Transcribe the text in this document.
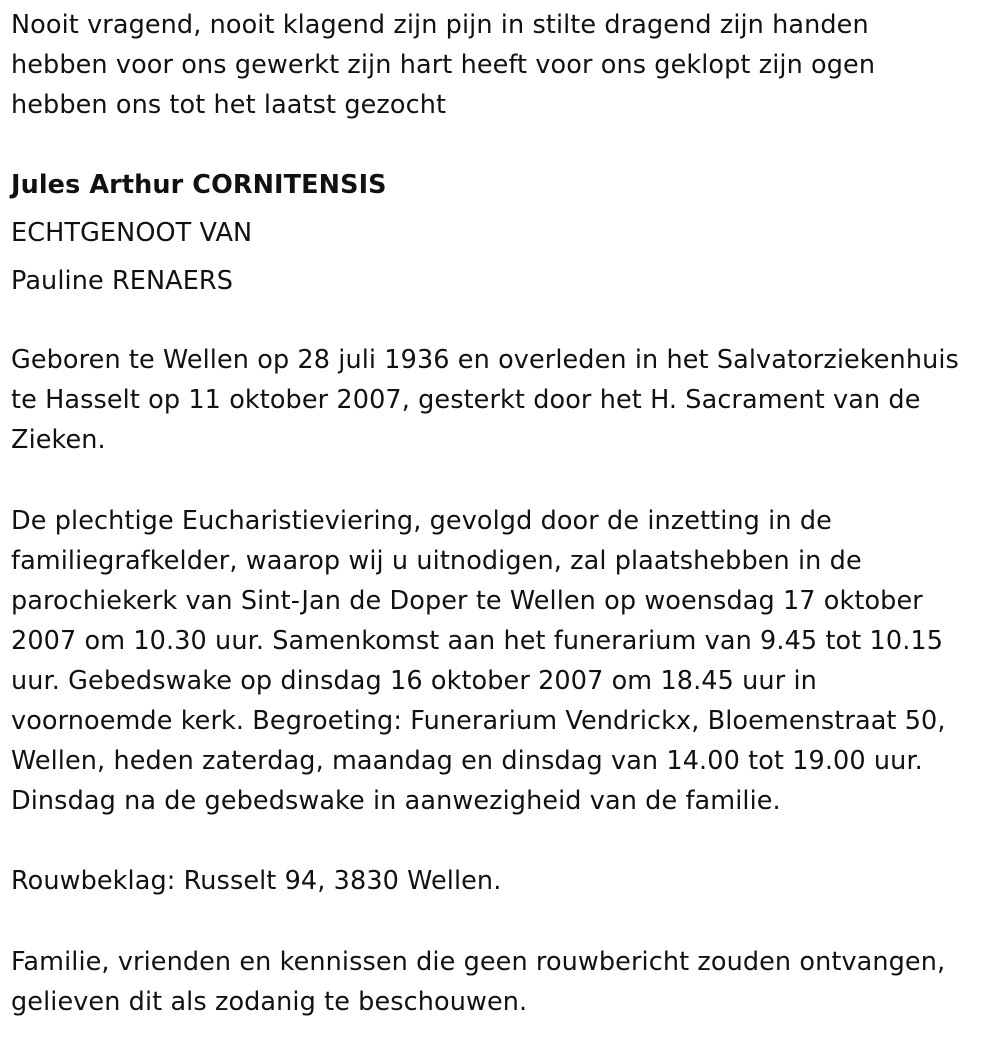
Nooit vragend, nooit klagend zijn pijn in stilte dragend zijn handen
hebben voor ons gewerkt zijn hart heeft voor ons geklopt zijn ogen
hebben ons tot het laatst gezocht
Jules Arthur CORNITENSIS
ECHTGENOOT VAN
Pauline RENAERS
Geboren te Wellen op 28 juli 1936 en overleden in het Salvatorziekenhuis
te Hasselt op 11 oktober 2007, gesterkt door het H. Sacrament van de
Zieken.
De plechtige Eucharistieviering, gevolgd door de inzetting in de
familiegrafkelder, waarop wij u uitnodigen, zal plaatshebben in de
parochiekerk van Sint-Jan de Doper te Wellen op woensdag 17 oktober
2007 om 10.30 uur. Samenkomst aan het funerarium van 9.45 tot 10.15
uur. Gebedswake op dinsdag 16 oktober 2007 om 18.45 uur in
voornoemde kerk. Begroeting: Funerarium Vendrickx, Bloemenstraat 50,
Wellen, heden zaterdag, maandag en dinsdag van 14.00 tot 19.00 uur.
Dinsdag na de gebedswake in aanwezigheid van de familie.
Rouwbeklag: Russelt 94, 3830 Wellen.
Familie, vrienden en kennissen die geen rouwbericht zouden ontvangen,
gelieven dit als zodanig te beschouwen.
